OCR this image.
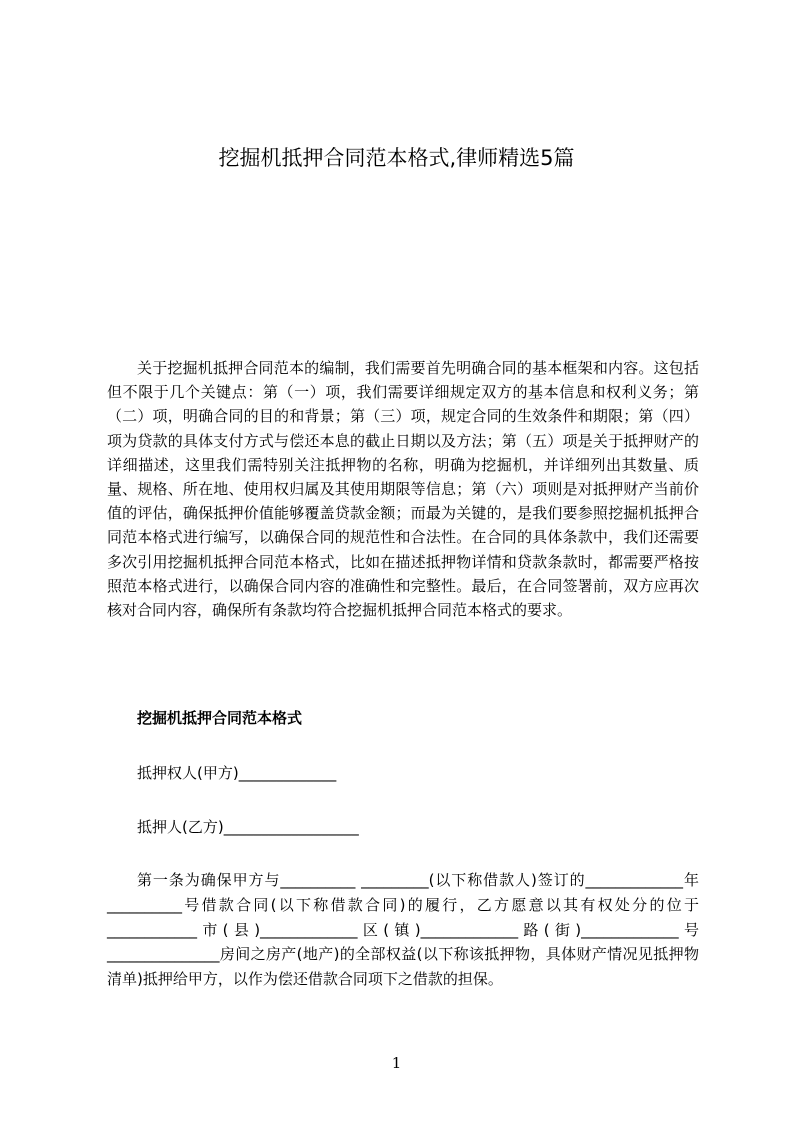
挖掘机抵押合同范本格式,律师精选5篇

关于挖掘机抵押合同范本的编制，我们需要首先明确合同的基本框架和内容。这包括但不限于几个关键点：第（一）项，我们需要详细规定双方的基本信息和权利义务；第（二）项，明确合同的目的和背景；第（三）项，规定合同的生效条件和期限；第（四）项为贷款的具体支付方式与偿还本息的截止日期以及方法；第（五）项是关于抵押财产的详细描述，这里我们需特别关注抵押物的名称，明确为挖掘机，并详细列出其数量、质量、规格、所在地、使用权归属及其使用期限等信息；第（六）项则是对抵押财产当前价值的评估，确保抵押价值能够覆盖贷款金额；而最为关键的，是我们要参照挖掘机抵押合同范本格式进行编写，以确保合同的规范性和合法性。在合同的具体条款中，我们还需要多次引用挖掘机抵押合同范本格式，比如在描述抵押物详情和贷款条款时，都需要严格按照范本格式进行，以确保合同内容的准确性和完整性。最后，在合同签署前，双方应再次核对合同内容，确保所有条款均符合挖掘机抵押合同范本格式的要求。

挖掘机抵押合同范本格式
抵押权人(甲方)_____________
抵押人(乙方)__________________

第一条为确保甲方与__________ _________(以下称借款人)签订的_____________年__________号借款合同(以下称借款合同)的履行，乙方愿意以其有权处分的位于____________市(县)_____________区(镇)_____________路(街)_____________号_______________房间之房产(地产)的全部权益(以下称该抵押物，具体财产情况见抵押物清单)抵押给甲方，以作为偿还借款合同项下之借款的担保。

1
